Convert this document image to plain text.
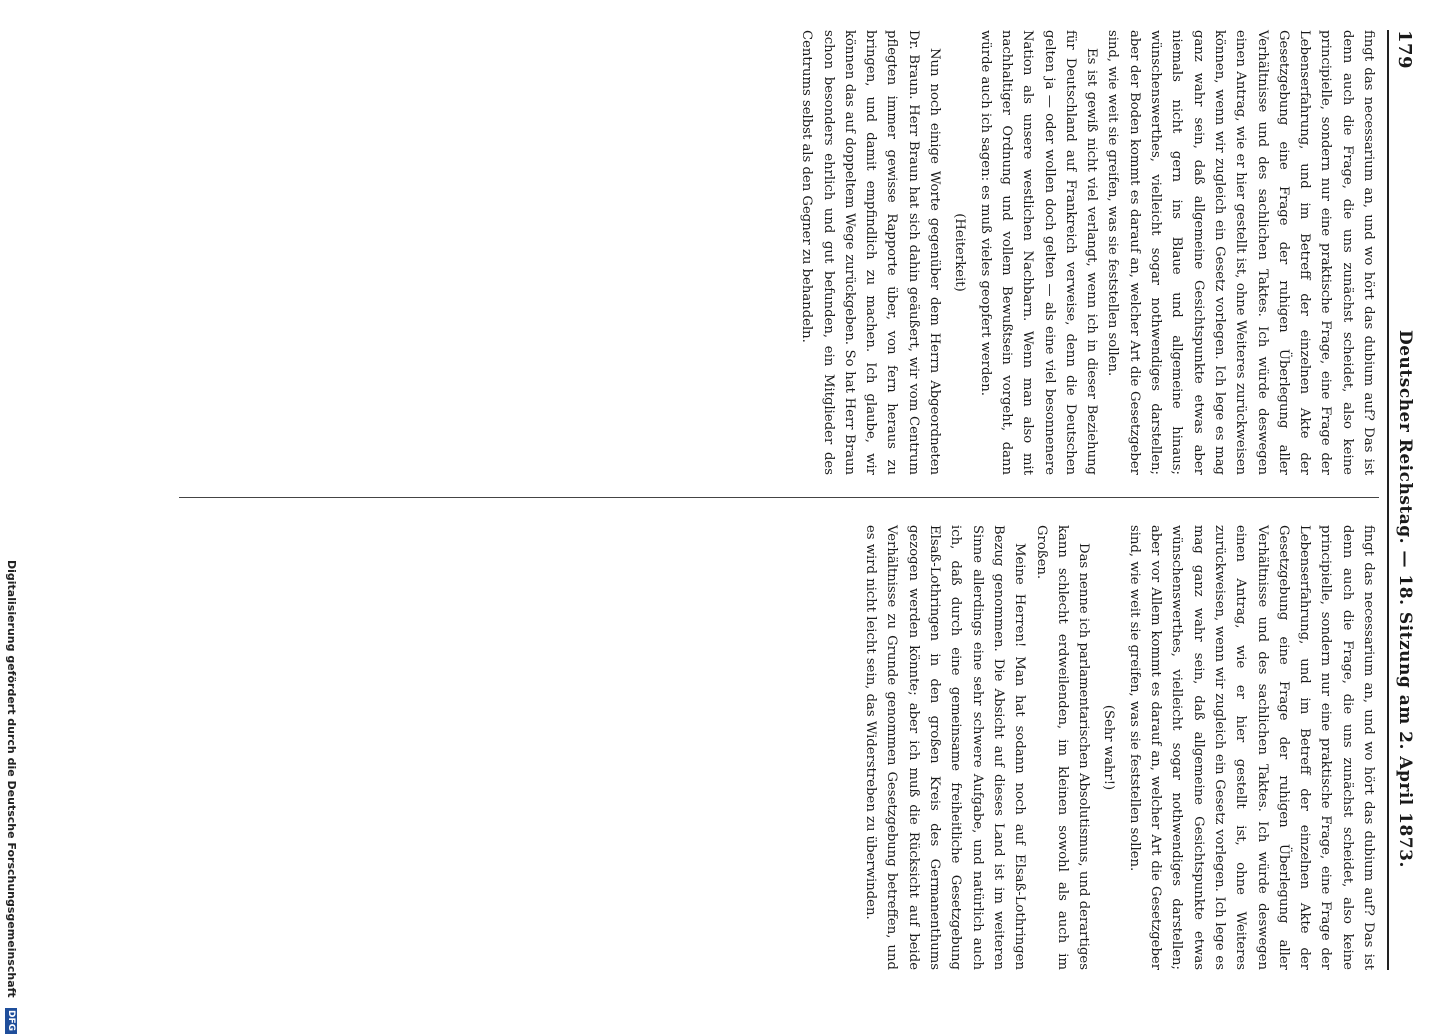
179
Deutscher Reichstag. — 18. Sitzung am 2. April 1873.

fingt das necessarium an, und wo hört das dubium auf? Das ist denn auch die Frage, die uns zunächst scheidet, also keine principielle, sondern nur eine praktische Frage, eine Frage der Lebenserfahrung, und im Betreff der einzelnen Akte der Gesetzgebung eine Frage der ruhigen Überlegung aller Verhältnisse und des sachlichen Taktes. Ich würde deswegen einen Antrag, wie er hier gestellt ist, ohne Weiteres zurückweisen können, wenn wir zugleich ein Gesetz vorlegen. Ich lege es mag ganz wahr sein, daß allgemeine Gesichtspunkte etwas aber niemals nicht gern ins Blaue und allgemeine hinaus; wünschenswerthes, vielleicht sogar nothwendiges darstellen; aber der Boden kommt es darauf an, welcher Art die Gesetzgeber sind, wie weit sie greifen, was sie feststellen sollen.

Es ist gewiß nicht viel verlangt, wenn ich in dieser Beziehung für Deutschland auf Frankreich verweise, denn die Deutschen gelten ja — oder wollen doch gelten — als eine viel besonnenere Nation als unsere westlichen Nachbarn. Wenn man also mit nachhaltiger Ordnung und vollem Bewußtsein vorgeht, dann würde auch ich sagen: es muß vieles geopfert werden.

(Heiterkeit)

Nun noch einige Worte gegenüber dem Herrn Abgeordneten Dr. Braun. Herr Braun hat sich dahin geäußert, wir vom Centrum pflegten immer gewisse Rapporte über, von fern heraus zu bringen, und damit empfindlich zu machen. Ich glaube, wir können das auf doppeltem Wege zurückgeben. So hat Herr Braun schon besonders ehrlich und gut befunden, ein Mitglieder des Centrums selbst als den Gegner zu behandeln.

fingt das necessarium an, und wo hört das dubium auf? Das ist denn auch die Frage, die uns zunächst scheidet, also keine principielle, sondern nur eine praktische Frage, eine Frage der Lebenserfahrung, und im Betreff der einzelnen Akte der Gesetzgebung eine Frage der ruhigen Überlegung aller Verhältnisse und des sachlichen Taktes. Ich würde deswegen einen Antrag, wie er hier gestellt ist, ohne Weiteres zurückweisen, wenn wir zugleich ein Gesetz vorlegen. Ich lege es mag ganz wahr sein, daß allgemeine Gesichtspunkte etwas wünschenswerthes, vielleicht sogar nothwendiges darstellen; aber vor Allem kommt es darauf an, welcher Art die Gesetzgeber sind, wie weit sie greifen, was sie feststellen sollen.

(Sehr wahr!)

Das nenne ich parlamentarischen Absolutismus, und derartiges kann schlecht erdweilenden, im kleinen sowohl als auch im Großen.

Meine Herren! Man hat sodann noch auf Elsaß-Lothringen Bezug genommen. Die Absicht auf dieses Land ist im weiteren Sinne allerdings eine sehr schwere Aufgabe, und natürlich auch ich, daß durch eine gemeinsame freiheitliche Gesetzgebung Elsaß-Lothringen in den großen Kreis des Germanenthums gezogen werden könnte; aber ich muß die Rücksicht auf beide Verhältnisse zu Grunde genommen Gesetzgebung betreffen, und es wird nicht leicht sein, das Widerstreben zu überwinden.

Digitalisierung gefördert durch die Deutsche Forschungsgemeinschaft DFG
